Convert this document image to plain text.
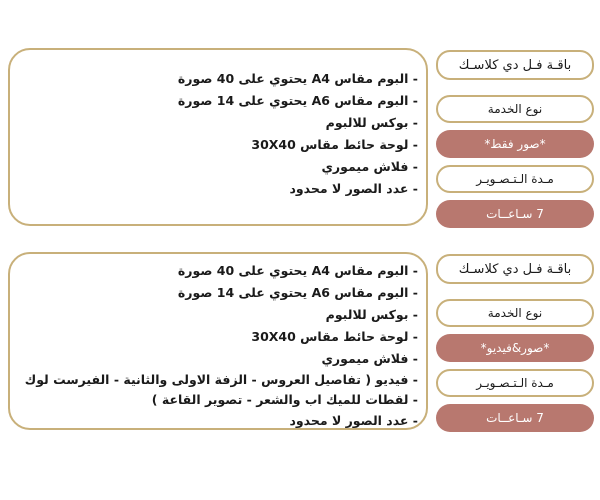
- البوم مقاس A4 يحتوي على 40 صورة
- البوم مقاس A6 يحتوي على 14 صورة
- بوكس للالبوم
- لوحة حائط مقاس 30X40
- فلاش ميموري
- عدد الصور لا محدود
باقـة فـل دي كلاسـك
نوع الخدمة
*صور فقط*
مـدة الـتـصـويـر
7 سـاعــات
- البوم مقاس A4 يحتوي على 40 صورة
- البوم مقاس A6 يحتوي على 14 صورة
- بوكس للالبوم
- لوحة حائط مقاس 30X40
- فلاش ميموري
- فيديو ( تفاصيل العروس - الزفة الاولى والثانية - الفيرست لوك - لقطات للميك اب والشعر - تصوير القاعة )
- عدد الصور لا محدود
باقـة فـل دي كلاسـك
نوع الخدمة
*صور&فيديو*
مـدة الـتـصـويـر
7 سـاعــات
